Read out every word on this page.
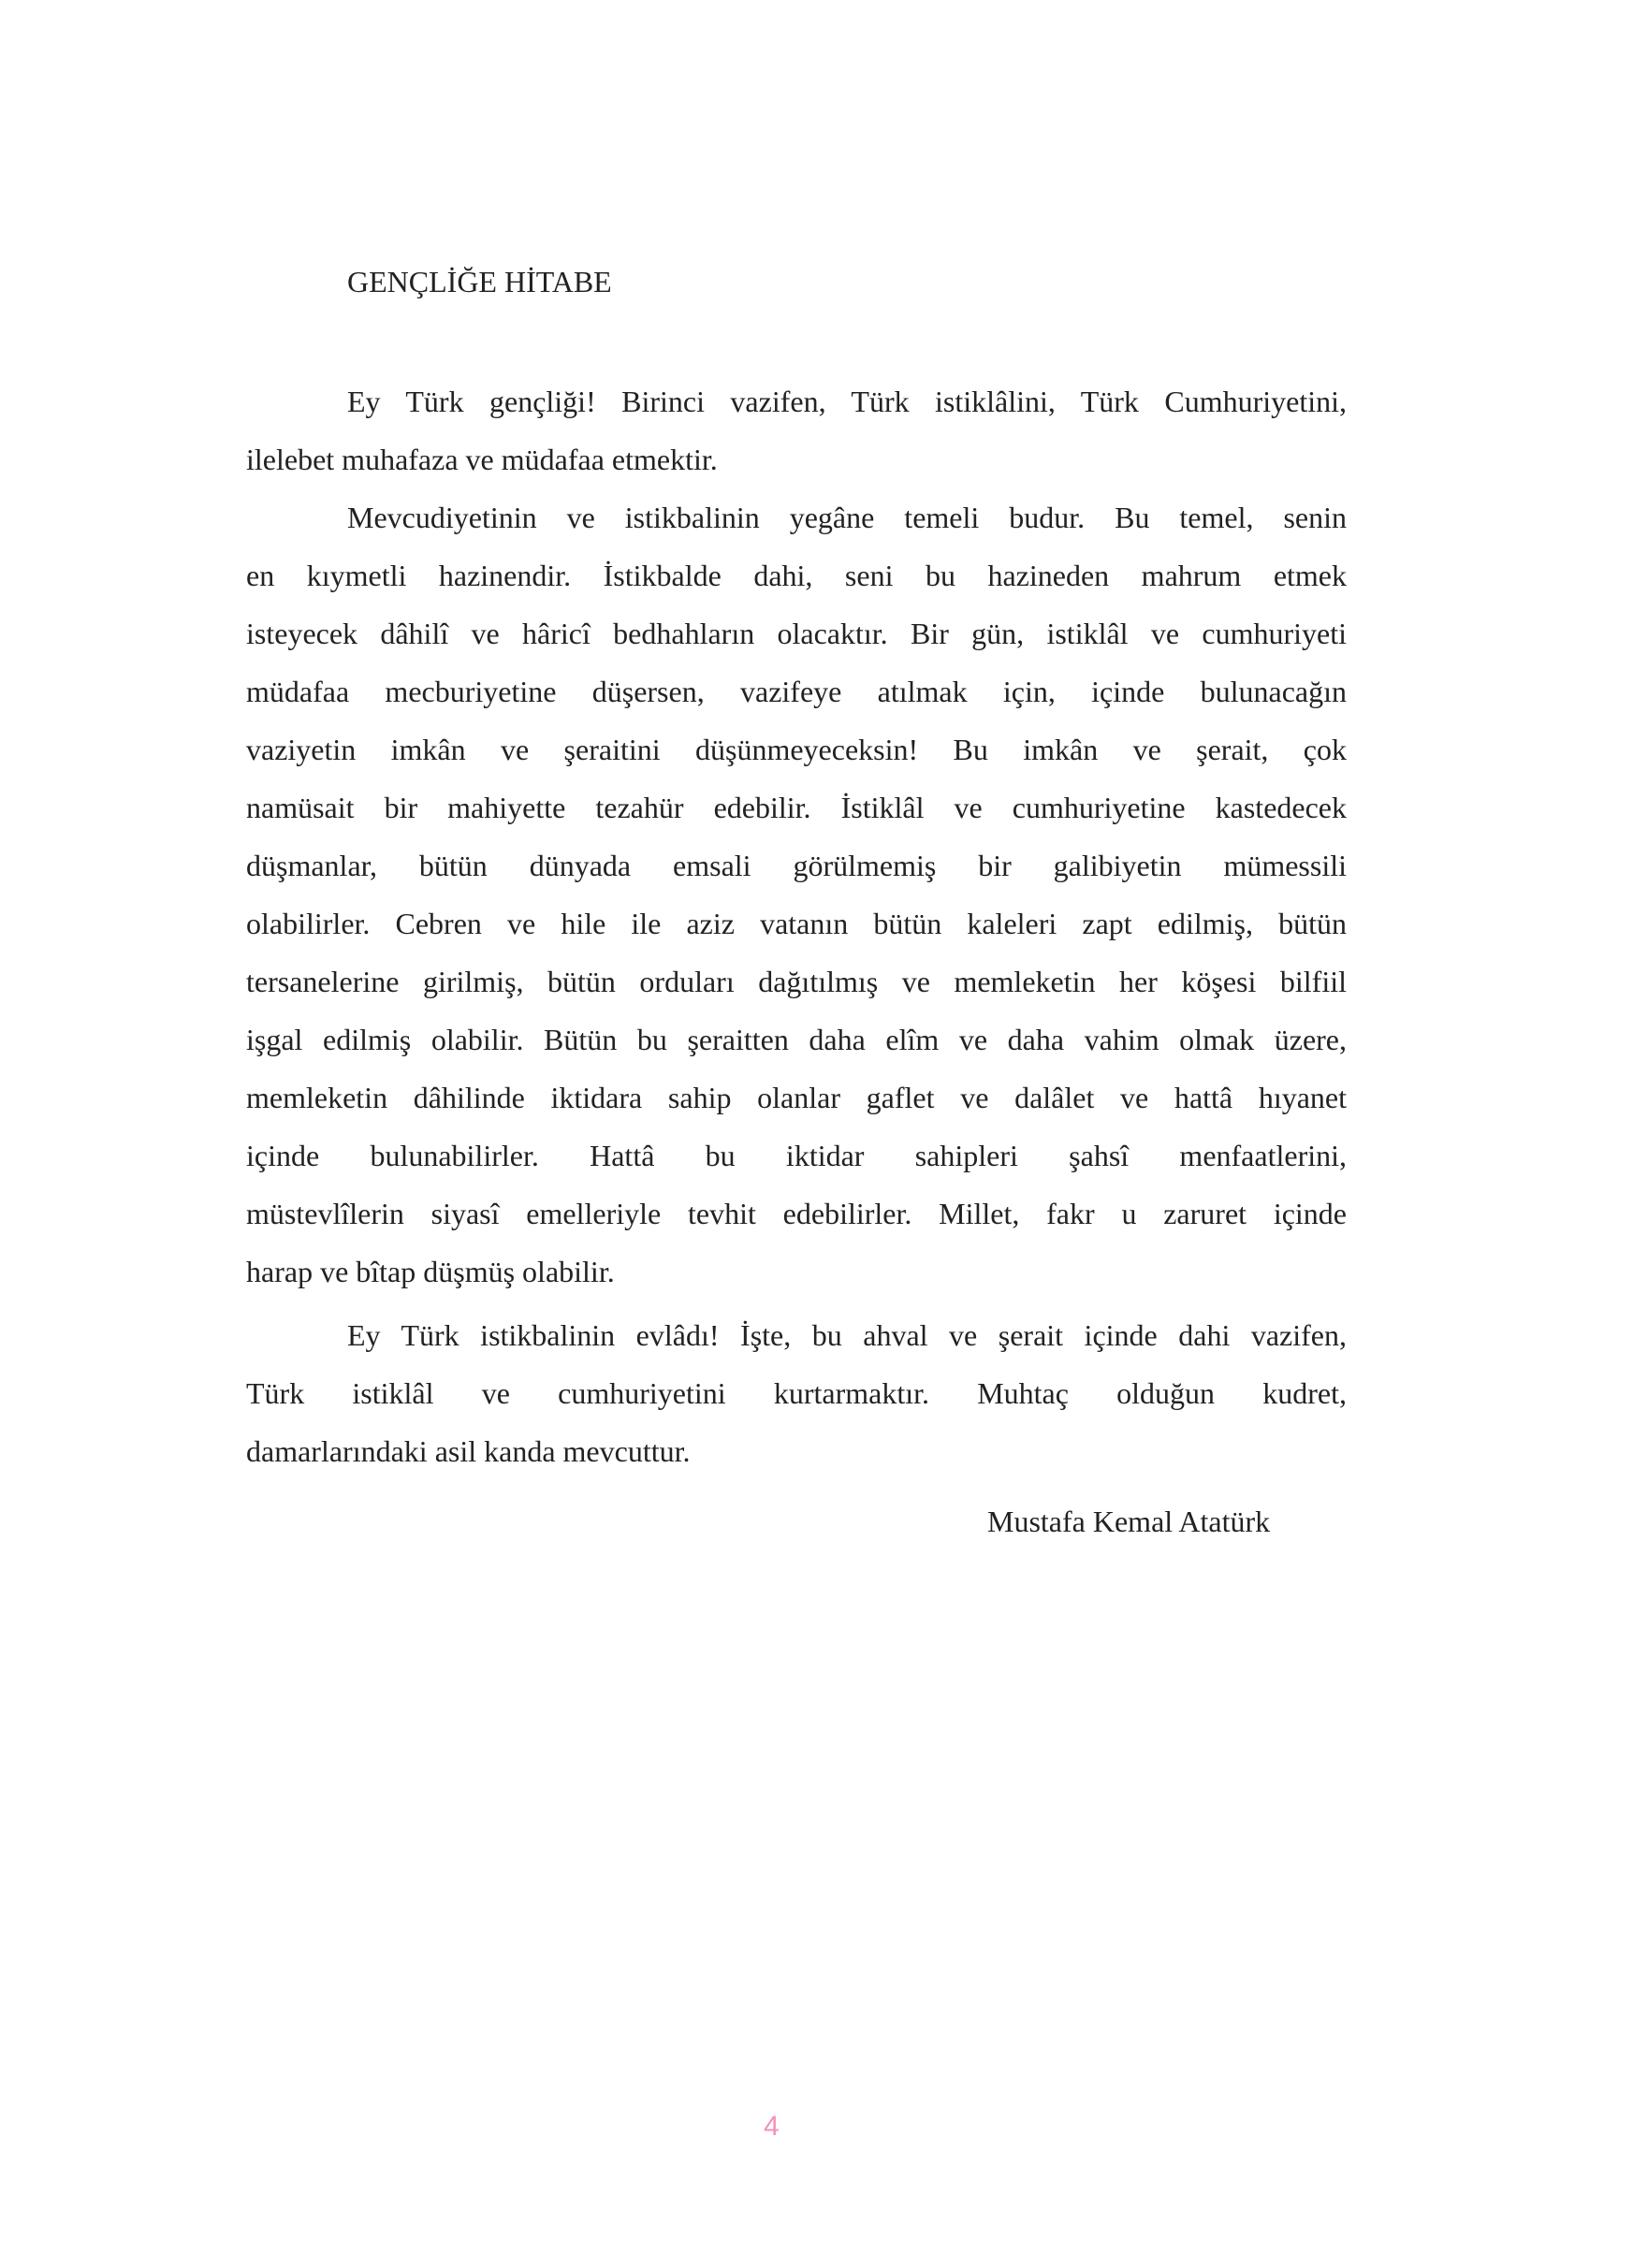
GENÇLİĞE HİTABE
Ey Türk gençliği! Birinci vazifen, Türk istiklâlini, Türk Cumhuriyetini,
ilelebet muhafaza ve müdafaa etmektir.
Mevcudiyetinin ve istikbalinin yegâne temeli budur. Bu temel, senin
en kıymetli hazinendir. İstikbalde dahi, seni bu hazineden mahrum etmek
isteyecek dâhilî ve hâricî bedhahların olacaktır. Bir gün, istiklâl ve cumhuriyeti
müdafaa mecburiyetine düşersen, vazifeye atılmak için, içinde bulunacağın
vaziyetin imkân ve şeraitini düşünmeyeceksin! Bu imkân ve şerait, çok
namüsait bir mahiyette tezahür edebilir. İstiklâl ve cumhuriyetine kastedecek
düşmanlar, bütün dünyada emsali görülmemiş bir galibiyetin mümessili
olabilirler. Cebren ve hile ile aziz vatanın bütün kaleleri zapt edilmiş, bütün
tersanelerine girilmiş, bütün orduları dağıtılmış ve memleketin her köşesi bilfiil
işgal edilmiş olabilir. Bütün bu şeraitten daha elîm ve daha vahim olmak üzere,
memleketin dâhilinde iktidara sahip olanlar gaflet ve dalâlet ve hattâ hıyanet
içinde bulunabilirler. Hattâ bu iktidar sahipleri şahsî menfaatlerini,
müstevlîlerin siyasî emelleriyle tevhit edebilirler. Millet, fakr u zaruret içinde
harap ve bîtap düşmüş olabilir.
Ey Türk istikbalinin evlâdı! İşte, bu ahval ve şerait içinde dahi vazifen,
Türk istiklâl ve cumhuriyetini kurtarmaktır. Muhtaç olduğun kudret,
damarlarındaki asil kanda mevcuttur.
Mustafa Kemal Atatürk
4
